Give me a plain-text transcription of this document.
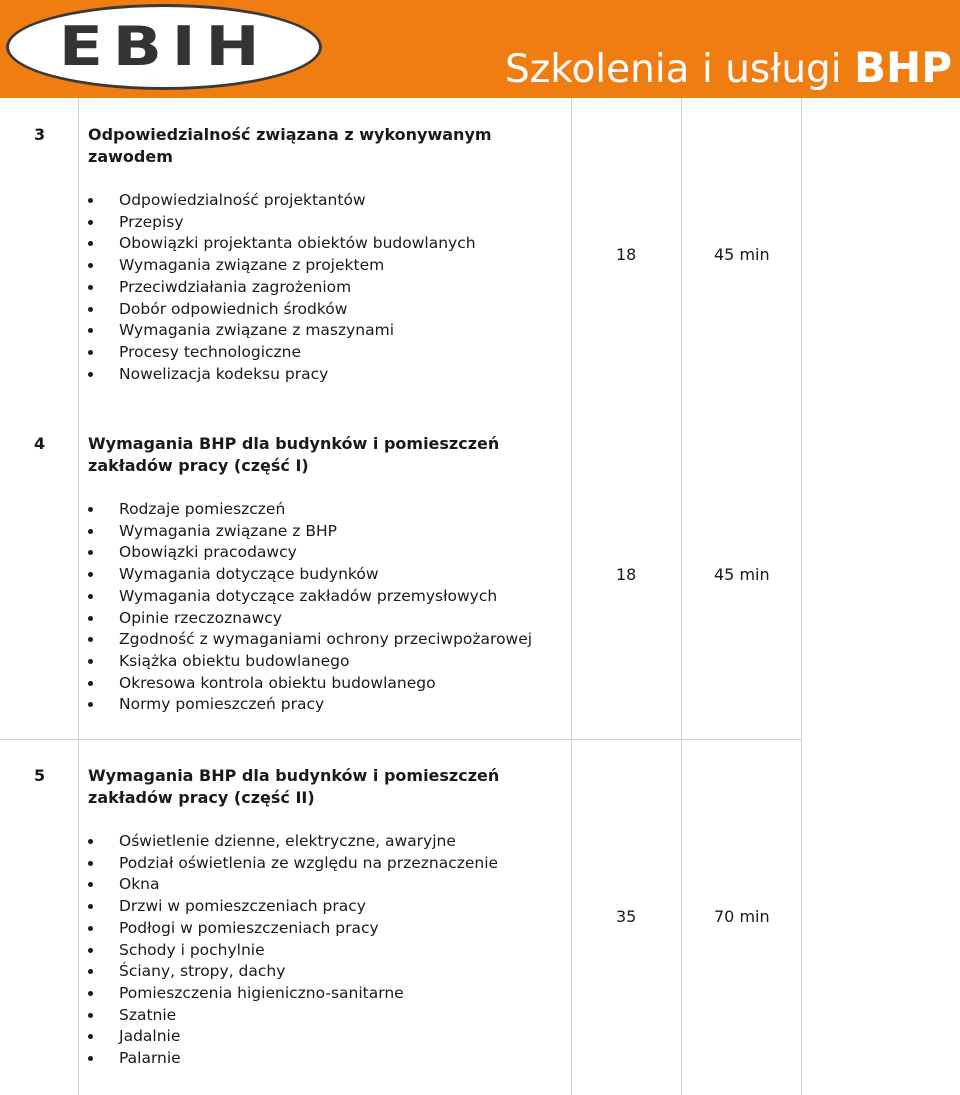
EBIH	Szkolenia i usługi BHP
3	Odpowiedzialność związana z wykonywanym zawodem
Odpowiedzialność projektantów
Przepisy
Obowiązki projektanta obiektów budowlanych
Wymagania związane z projektem
Przeciwdziałania zagrożeniom
Dobór odpowiednich środków
Wymagania związane z maszynami
Procesy technologiczne
Nowelizacja kodeksu pracy
18	45 min
4	Wymagania BHP dla budynków i pomieszczeń zakładów pracy (część I)
Rodzaje pomieszczeń
Wymagania związane z BHP
Obowiązki pracodawcy
Wymagania dotyczące budynków
Wymagania dotyczące zakładów przemysłowych
Opinie rzeczoznawcy
Zgodność z wymaganiami ochrony przeciwpożarowej
Książka obiektu budowlanego
Okresowa kontrola obiektu budowlanego
Normy pomieszczeń pracy
18	45 min
5	Wymagania BHP dla budynków i pomieszczeń zakładów pracy (część II)
Oświetlenie dzienne, elektryczne, awaryjne
Podział oświetlenia ze względu na przeznaczenie
Okna
Drzwi w pomieszczeniach pracy
Podłogi w pomieszczeniach pracy
Schody i pochylnie
Ściany, stropy, dachy
Pomieszczenia higieniczno-sanitarne
Szatnie
Jadalnie
Palarnie
35	70 min
